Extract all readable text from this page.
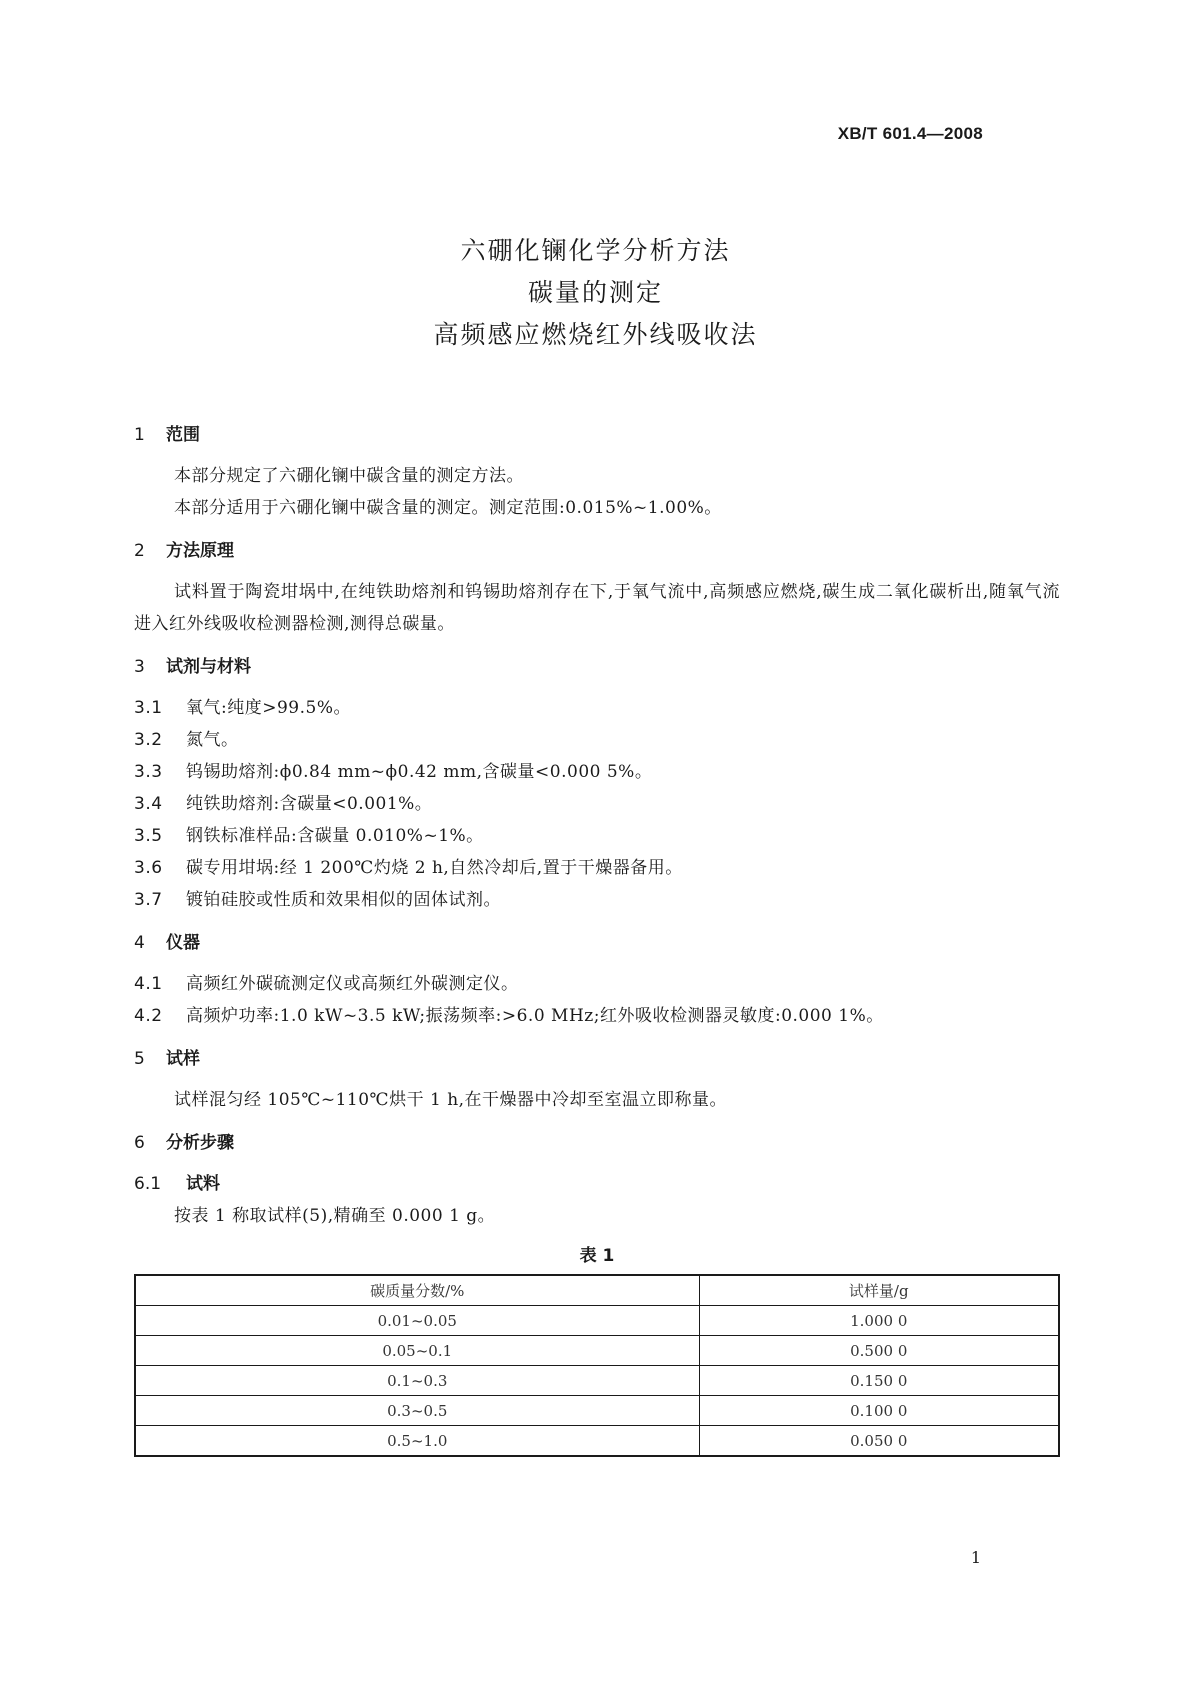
XB/T 601.4—2008
六硼化镧化学分析方法
碳量的测定
高频感应燃烧红外线吸收法
1 范围
本部分规定了六硼化镧中碳含量的测定方法。
本部分适用于六硼化镧中碳含量的测定。测定范围:0.015%~1.00%。
2 方法原理
试料置于陶瓷坩埚中,在纯铁助熔剂和钨锡助熔剂存在下,于氧气流中,高频感应燃烧,碳生成二氧化碳析出,随氧气流进入红外线吸收检测器检测,测得总碳量。
3 试剂与材料
3.1 氧气:纯度>99.5%。
3.2 氮气。
3.3 钨锡助熔剂:ϕ0.84 mm~ϕ0.42 mm,含碳量<0.000 5%。
3.4 纯铁助熔剂:含碳量<0.001%。
3.5 钢铁标准样品:含碳量 0.010%~1%。
3.6 碳专用坩埚:经 1 200℃灼烧 2 h,自然冷却后,置于干燥器备用。
3.7 镀铂硅胶或性质和效果相似的固体试剂。
4 仪器
4.1 高频红外碳硫测定仪或高频红外碳测定仪。
4.2 高频炉功率:1.0 kW~3.5 kW;振荡频率:>6.0 MHz;红外吸收检测器灵敏度:0.000 1%。
5 试样
试样混匀经 105℃~110℃烘干 1 h,在干燥器中冷却至室温立即称量。
6 分析步骤
6.1 试料
按表 1 称取试样(5),精确至 0.000 1 g。
表 1
碳质量分数/%	试样量/g
0.01~0.05	1.000 0
0.05~0.1	0.500 0
0.1~0.3	0.150 0
0.3~0.5	0.100 0
0.5~1.0	0.050 0
1
